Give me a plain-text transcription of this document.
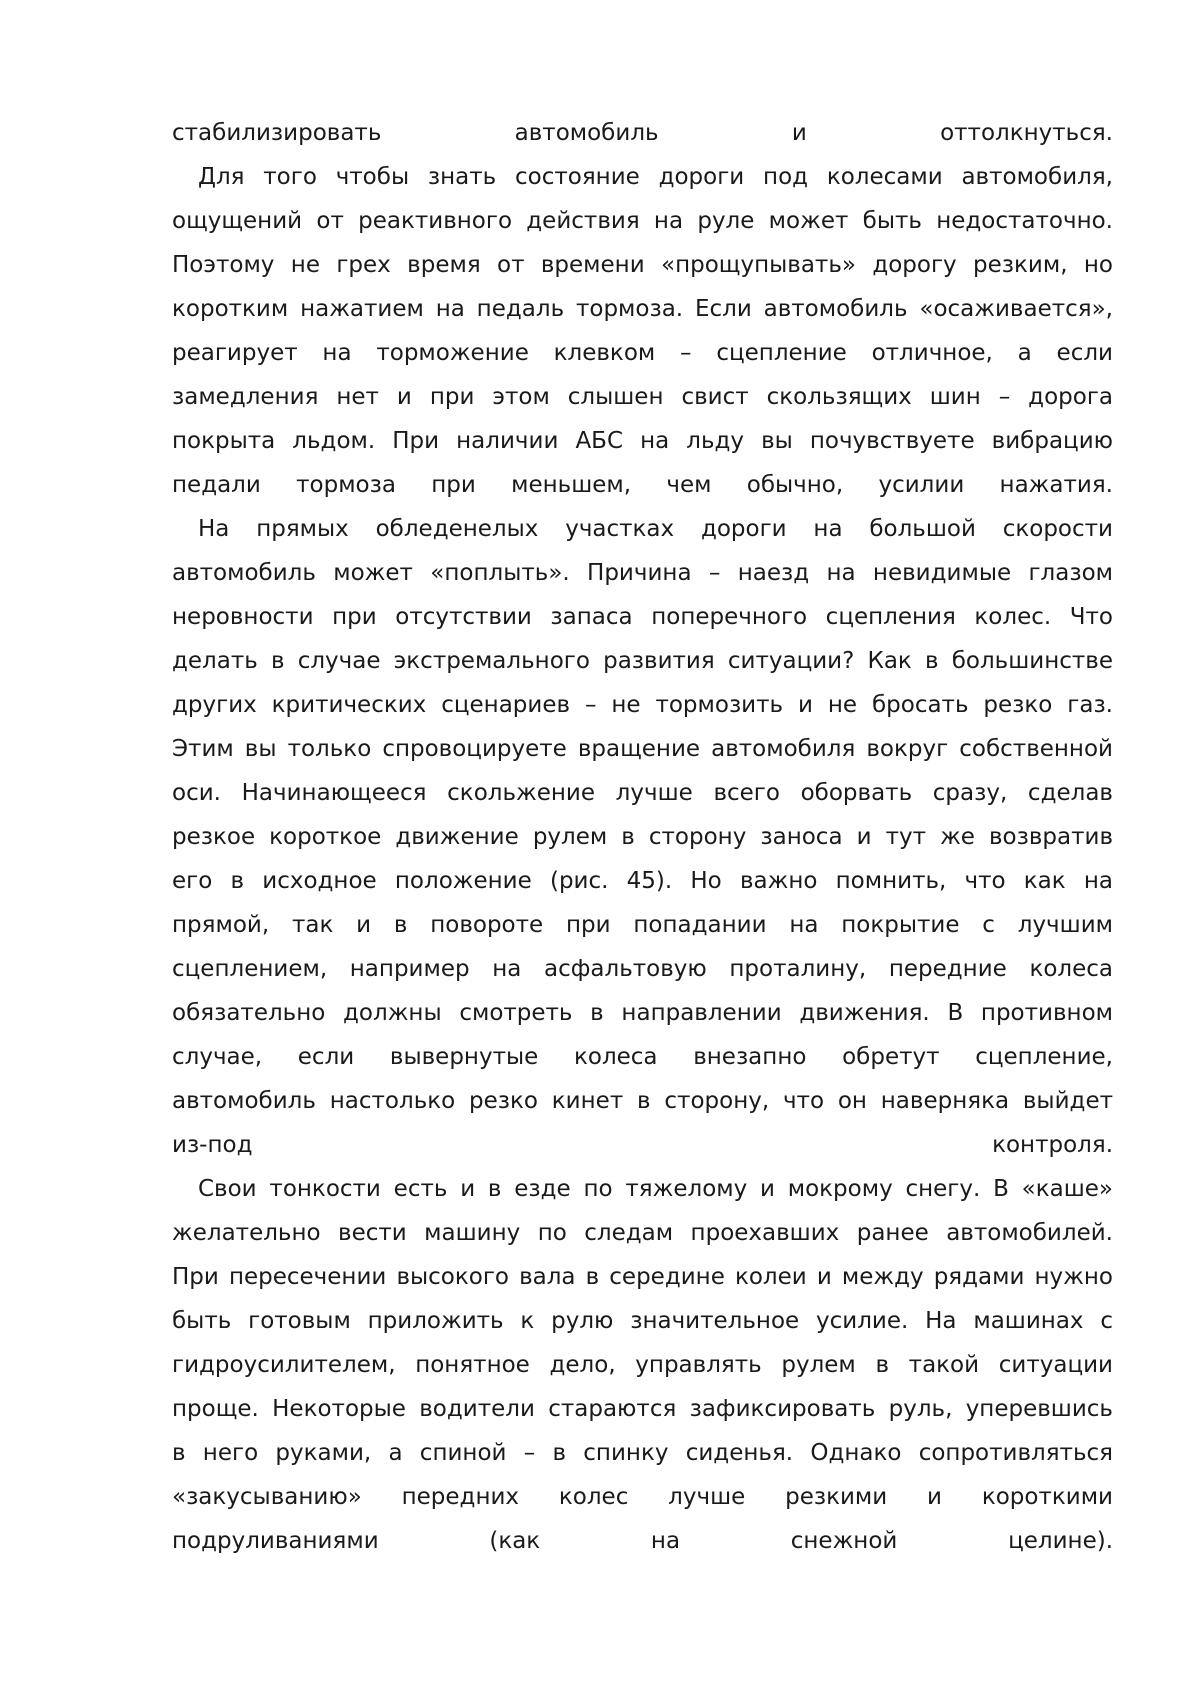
стабилизировать автомобиль и оттолкнуться.
Для того чтобы знать состояние дороги под колесами автомобиля,
ощущений от реактивного действия на руле может быть недостаточно.
Поэтому не грех время от времени «прощупывать» дорогу резким, но
коротким нажатием на педаль тормоза. Если автомобиль «осаживается»,
реагирует на торможение клевком – сцепление отличное, а если
замедления нет и при этом слышен свист скользящих шин – дорога
покрыта льдом. При наличии АБС на льду вы почувствуете вибрацию
педали тормоза при меньшем, чем обычно, усилии нажатия.
На прямых обледенелых участках дороги на большой скорости
автомобиль может «поплыть». Причина – наезд на невидимые глазом
неровности при отсутствии запаса поперечного сцепления колес. Что
делать в случае экстремального развития ситуации? Как в большинстве
других критических сценариев – не тормозить и не бросать резко газ.
Этим вы только спровоцируете вращение автомобиля вокруг собственной
оси. Начинающееся скольжение лучше всего оборвать сразу, сделав
резкое короткое движение рулем в сторону заноса и тут же возвратив
его в исходное положение (рис. 45). Но важно помнить, что как на
прямой, так и в повороте при попадании на покрытие с лучшим
сцеплением, например на асфальтовую проталину, передние колеса
обязательно должны смотреть в направлении движения. В противном
случае, если вывернутые колеса внезапно обретут сцепление,
автомобиль настолько резко кинет в сторону, что он наверняка выйдет
из-под контроля.
Свои тонкости есть и в езде по тяжелому и мокрому снегу. В «каше»
желательно вести машину по следам проехавших ранее автомобилей.
При пересечении высокого вала в середине колеи и между рядами нужно
быть готовым приложить к рулю значительное усилие. На машинах с
гидроусилителем, понятное дело, управлять рулем в такой ситуации
проще. Некоторые водители стараются зафиксировать руль, уперевшись
в него руками, а спиной – в спинку сиденья. Однако сопротивляться
«закусыванию» передних колес лучше резкими и короткими
подруливаниями (как на снежной целине).
